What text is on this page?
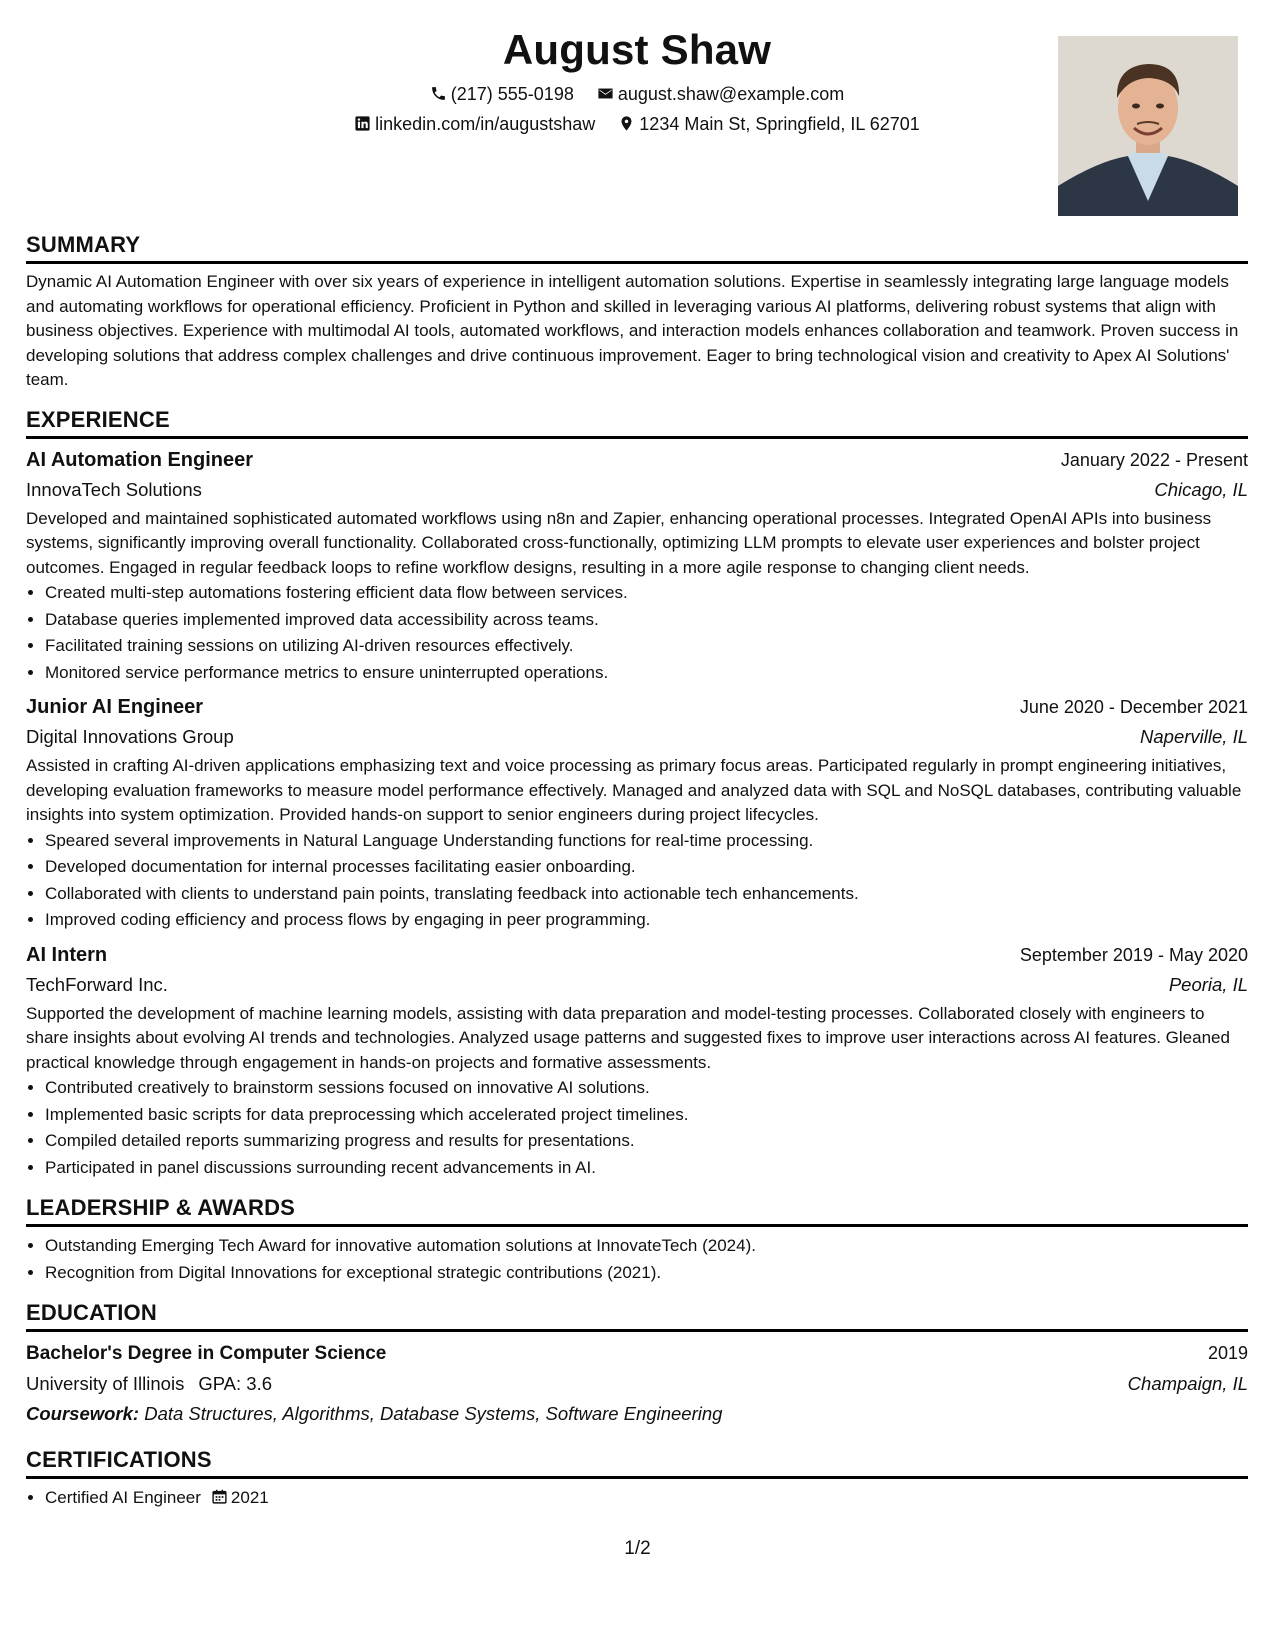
August Shaw
(217) 555-0198 august.shaw@example.com
linkedin.com/in/augustshaw 1234 Main St, Springfield, IL 62701
SUMMARY

Dynamic AI Automation Engineer with over six years of experience in intelligent automation solutions. Expertise in seamlessly integrating large language models and automating workflows for operational efficiency. Proficient in Python and skilled in leveraging various AI platforms, delivering robust systems that align with business objectives. Experience with multimodal AI tools, automated workflows, and interaction models enhances collaboration and teamwork. Proven success in developing solutions that address complex challenges and drive continuous improvement. Eager to bring technological vision and creativity to Apex AI Solutions' team.

EXPERIENCE
AI Automation Engineer	January 2022 - Present
InnovaTech Solutions	Chicago, IL

Developed and maintained sophisticated automated workflows using n8n and Zapier, enhancing operational processes. Integrated OpenAI APIs into business systems, significantly improving overall functionality. Collaborated cross-functionally, optimizing LLM prompts to elevate user experiences and bolster project outcomes. Engaged in regular feedback loops to refine workflow designs, resulting in a more agile response to changing client needs.

• Created multi-step automations fostering efficient data flow between services.
• Database queries implemented improved data accessibility across teams.
• Facilitated training sessions on utilizing AI-driven resources effectively.
• Monitored service performance metrics to ensure uninterrupted operations.
Junior AI Engineer	June 2020 - December 2021
Digital Innovations Group	Naperville, IL

Assisted in crafting AI-driven applications emphasizing text and voice processing as primary focus areas. Participated regularly in prompt engineering initiatives, developing evaluation frameworks to measure model performance effectively. Managed and analyzed data with SQL and NoSQL databases, contributing valuable insights into system optimization. Provided hands-on support to senior engineers during project lifecycles.

• Speared several improvements in Natural Language Understanding functions for real-time processing.
• Developed documentation for internal processes facilitating easier onboarding.
• Collaborated with clients to understand pain points, translating feedback into actionable tech enhancements.
• Improved coding efficiency and process flows by engaging in peer programming.
AI Intern	September 2019 - May 2020
TechForward Inc.	Peoria, IL

Supported the development of machine learning models, assisting with data preparation and model-testing processes. Collaborated closely with engineers to share insights about evolving AI trends and technologies. Analyzed usage patterns and suggested fixes to improve user interactions across AI features. Gleaned practical knowledge through engagement in hands-on projects and formative assessments.

• Contributed creatively to brainstorm sessions focused on innovative AI solutions.
• Implemented basic scripts for data preprocessing which accelerated project timelines.
• Compiled detailed reports summarizing progress and results for presentations.
• Participated in panel discussions surrounding recent advancements in AI.
LEADERSHIP & AWARDS
• Outstanding Emerging Tech Award for innovative automation solutions at InnovateTech (2024).
• Recognition from Digital Innovations for exceptional strategic contributions (2021).
EDUCATION
Bachelor's Degree in Computer Science	2019
University of Illinois GPA: 3.6	Champaign, IL
Coursework: Data Structures, Algorithms, Database Systems, Software Engineering
CERTIFICATIONS
• Certified AI Engineer 2021
1/2
